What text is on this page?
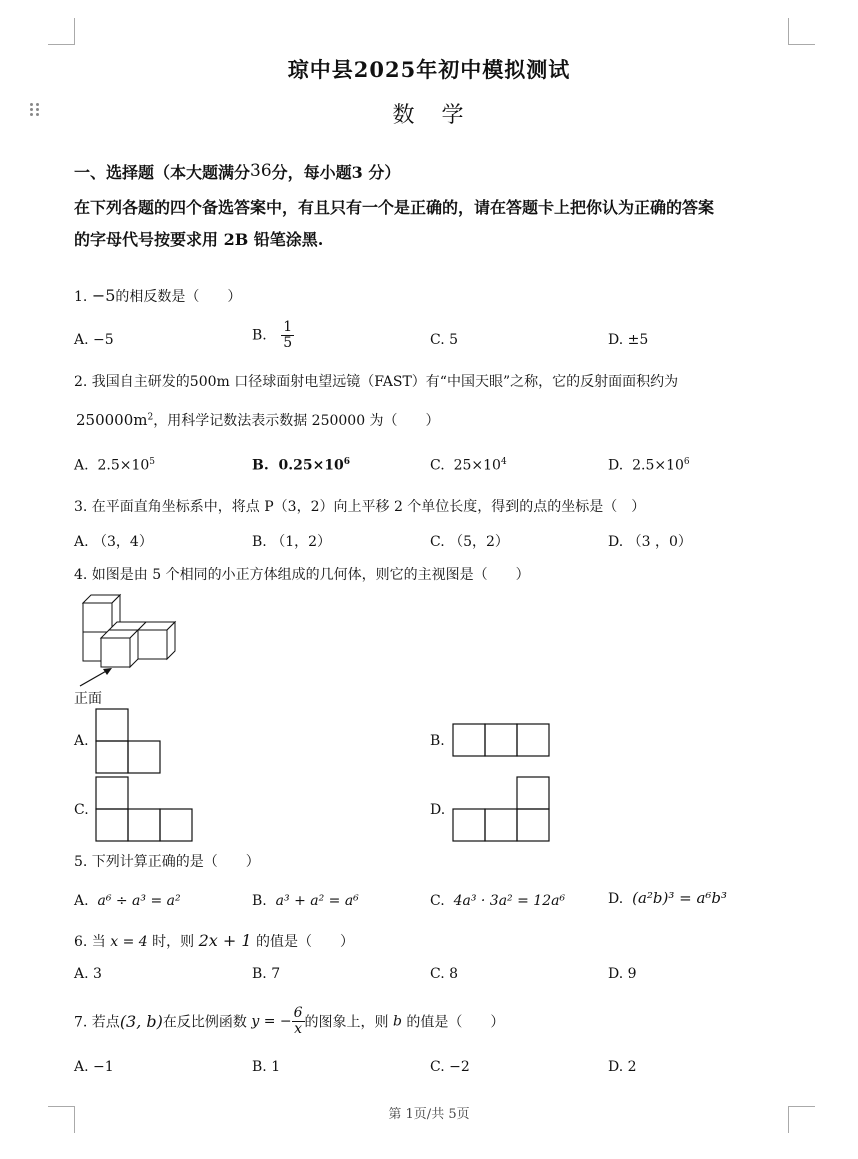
琼中县2025年初中模拟测试
数 学
一、选择题（本大题满分36分，每小题3 分）
在下列各题的四个备选答案中，有且只有一个是正确的，请在答题卡上把你认为正确的答案
的字母代号按要求用 2B 铅笔涂黑.
1. −5的相反数是（　　）
A. −5	B. $\frac{1}{5}$	C. 5	D. ±5
2. 我国自主研发的500m 口径球面射电望远镜（FAST）有“中国天眼”之称，它的反射面面积约为
$250000m^2$，用科学记数法表示数据 250000 为（　　）
A. $2.5\times 10^5$	B. $0.25\times 10^6$	C. $25\times 10^4$	D. $2.5\times 10^6$
3. 在平面直角坐标系中，将点 P（3，2）向上平移 2 个单位长度，得到的点的坐标是（　）
A. （3，4）	B. （1，2）	C. （5，2）	D. （3 ，0）
4. 如图是由 5 个相同的小正方体组成的几何体，则它的主视图是（　　）
正面
A.	B.
C.	D.
5. 下列计算正确的是（　　）
A. a⁶ ÷ a³ = a²	B. a³ + a² = a⁶	C. 4a³ · 3a² = 12a⁶	D. (a²b)³ = a⁶b³
6. 当 x = 4 时，则 2x + 1 的值是（　　）
A. 3	B. 7	C. 8	D. 9
7. 若点(3, b)在反比例函数 y = − $\frac{6}{x}$ 的图象上，则 b 的值是（　　）
A. −1	B. 1	C. −2	D. 2
第 1页/共 5页
